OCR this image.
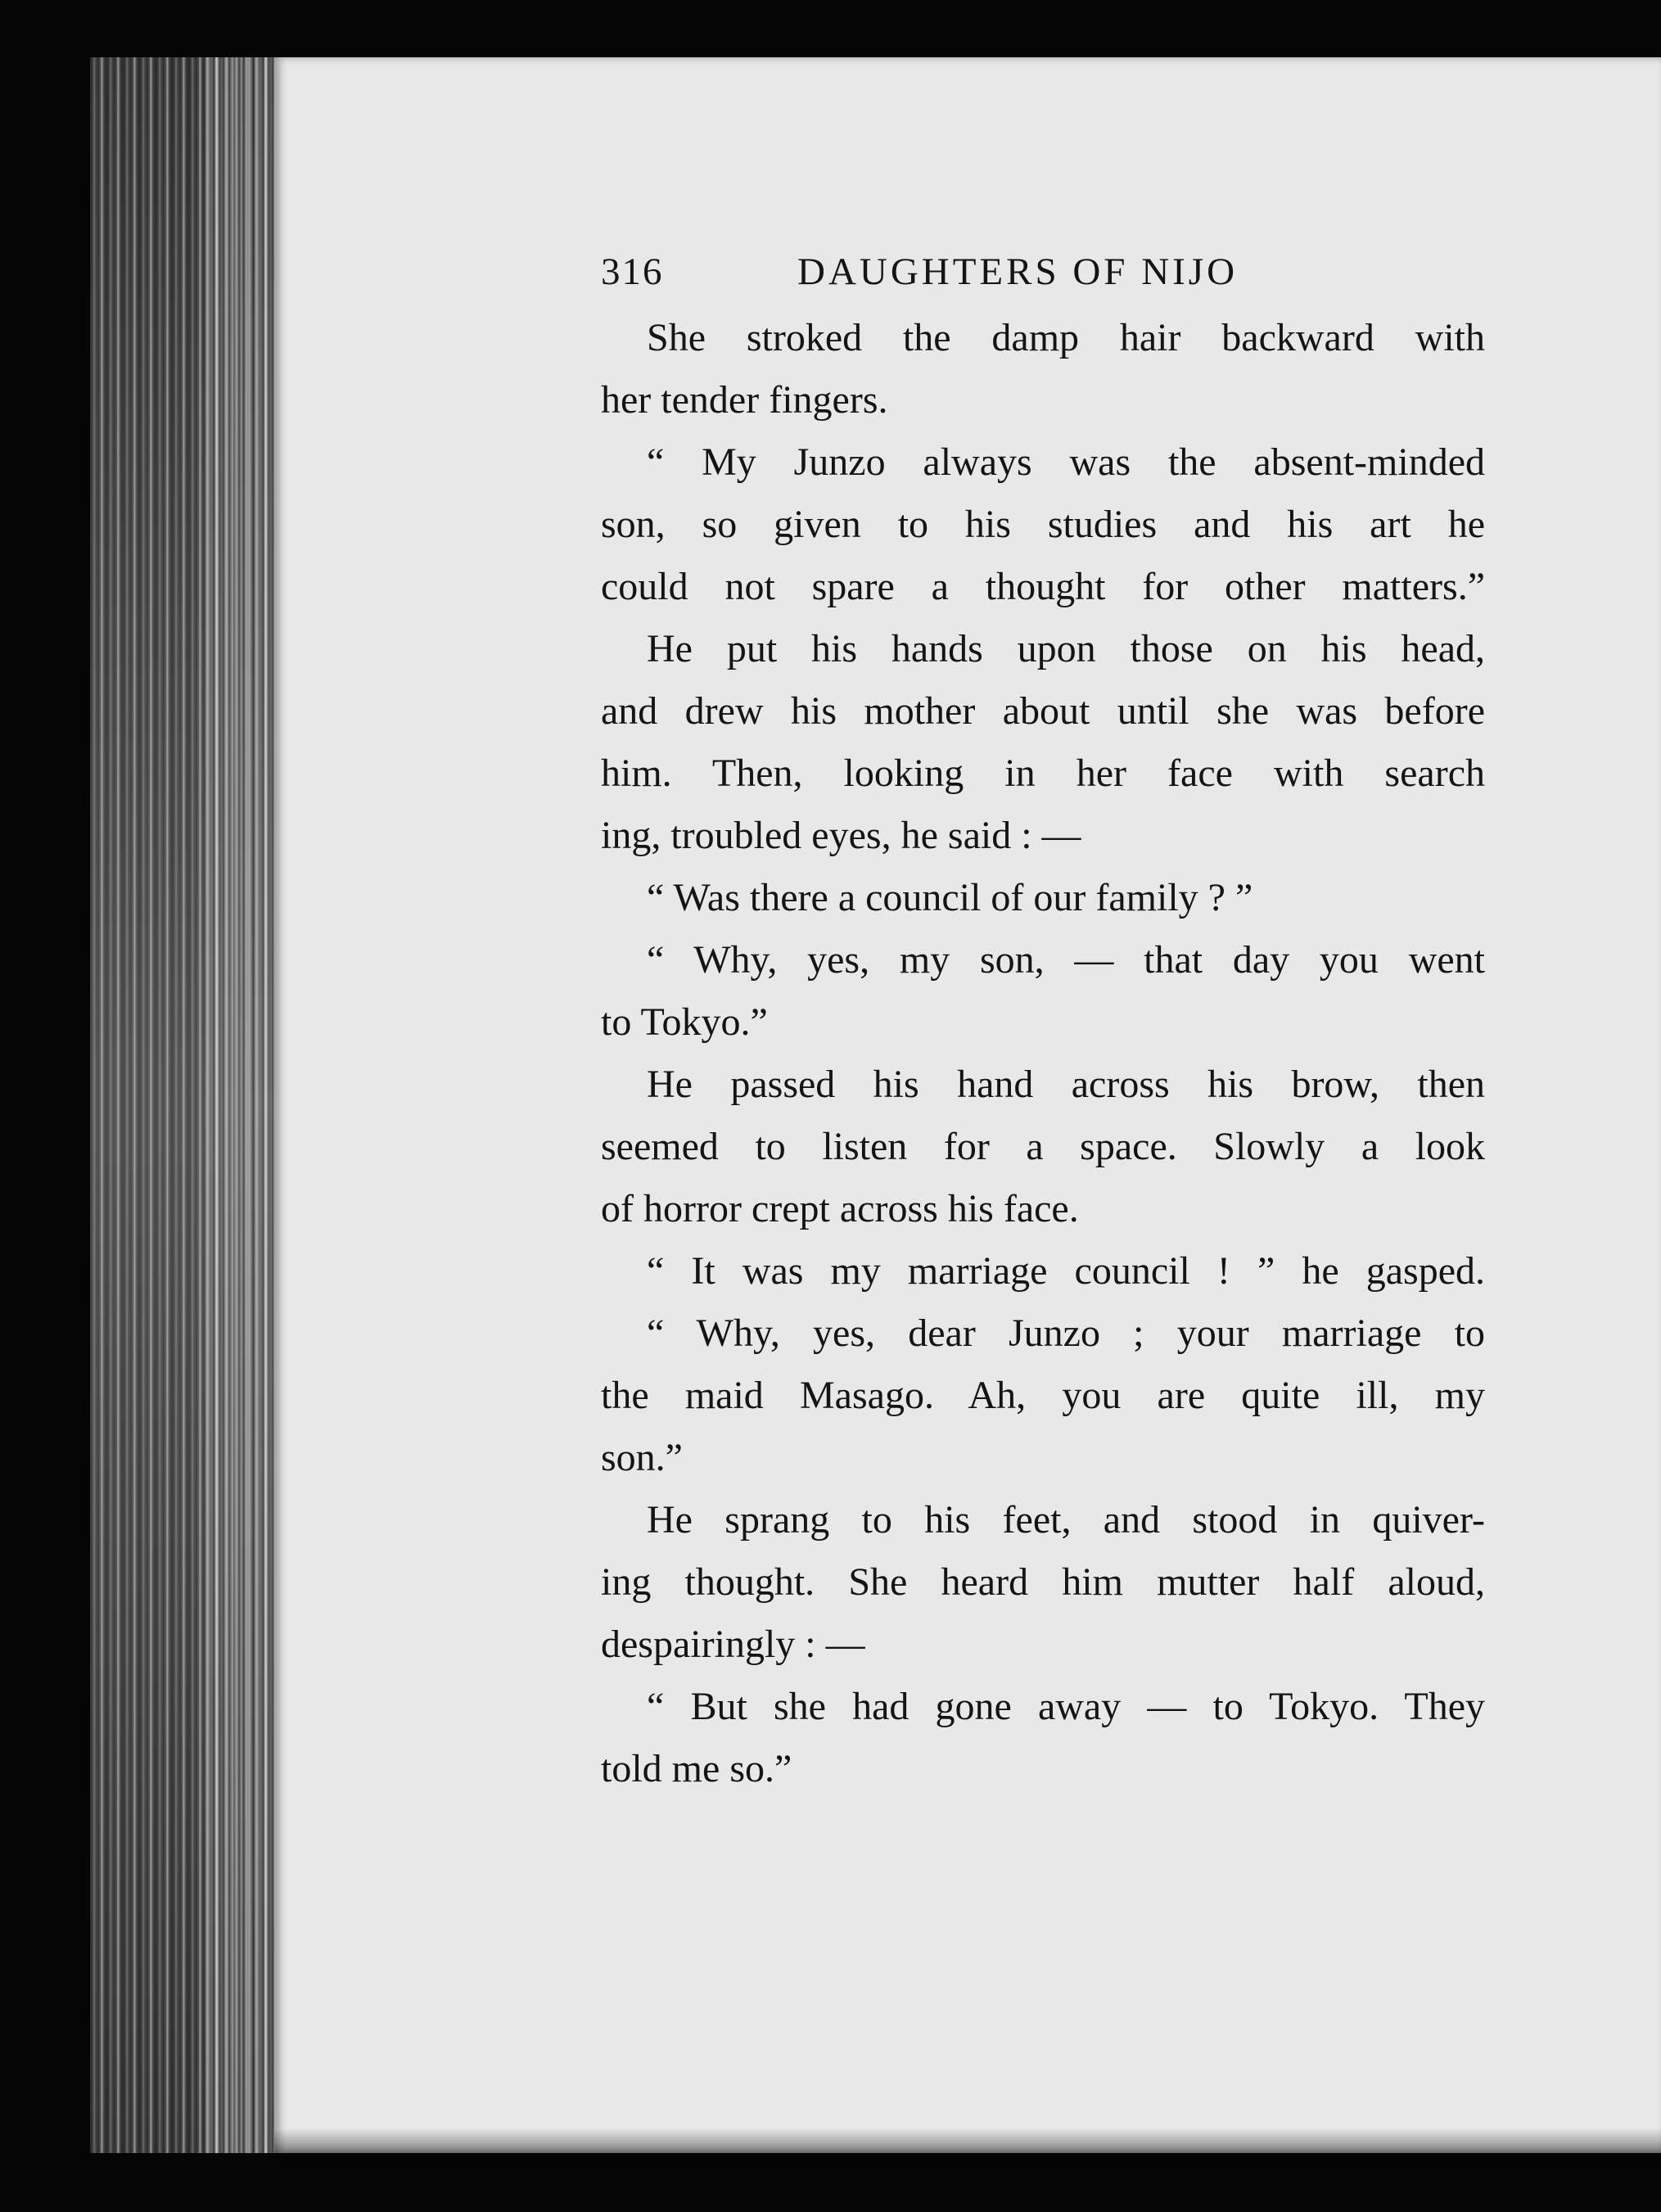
316	DAUGHTERS OF NIJO
She stroked the damp hair backward with
her tender fingers.
“ My Junzo always was the absent-minded
son, so given to his studies and his art he
could not spare a thought for other matters.”
He put his hands upon those on his head,
and drew his mother about until she was before
him. Then, looking in her face with search
ing, troubled eyes, he said : —
“ Was there a council of our family ? ”
“ Why, yes, my son, — that day you went
to Tokyo.”
He passed his hand across his brow, then
seemed to listen for a space. Slowly a look
of horror crept across his face.
“ It was my marriage council ! ” he gasped.
“ Why, yes, dear Junzo ; your marriage to
the maid Masago. Ah, you are quite ill, my
son.”
He sprang to his feet, and stood in quiver-
ing thought. She heard him mutter half aloud,
despairingly : —
“ But she had gone away — to Tokyo. They
told me so.”
